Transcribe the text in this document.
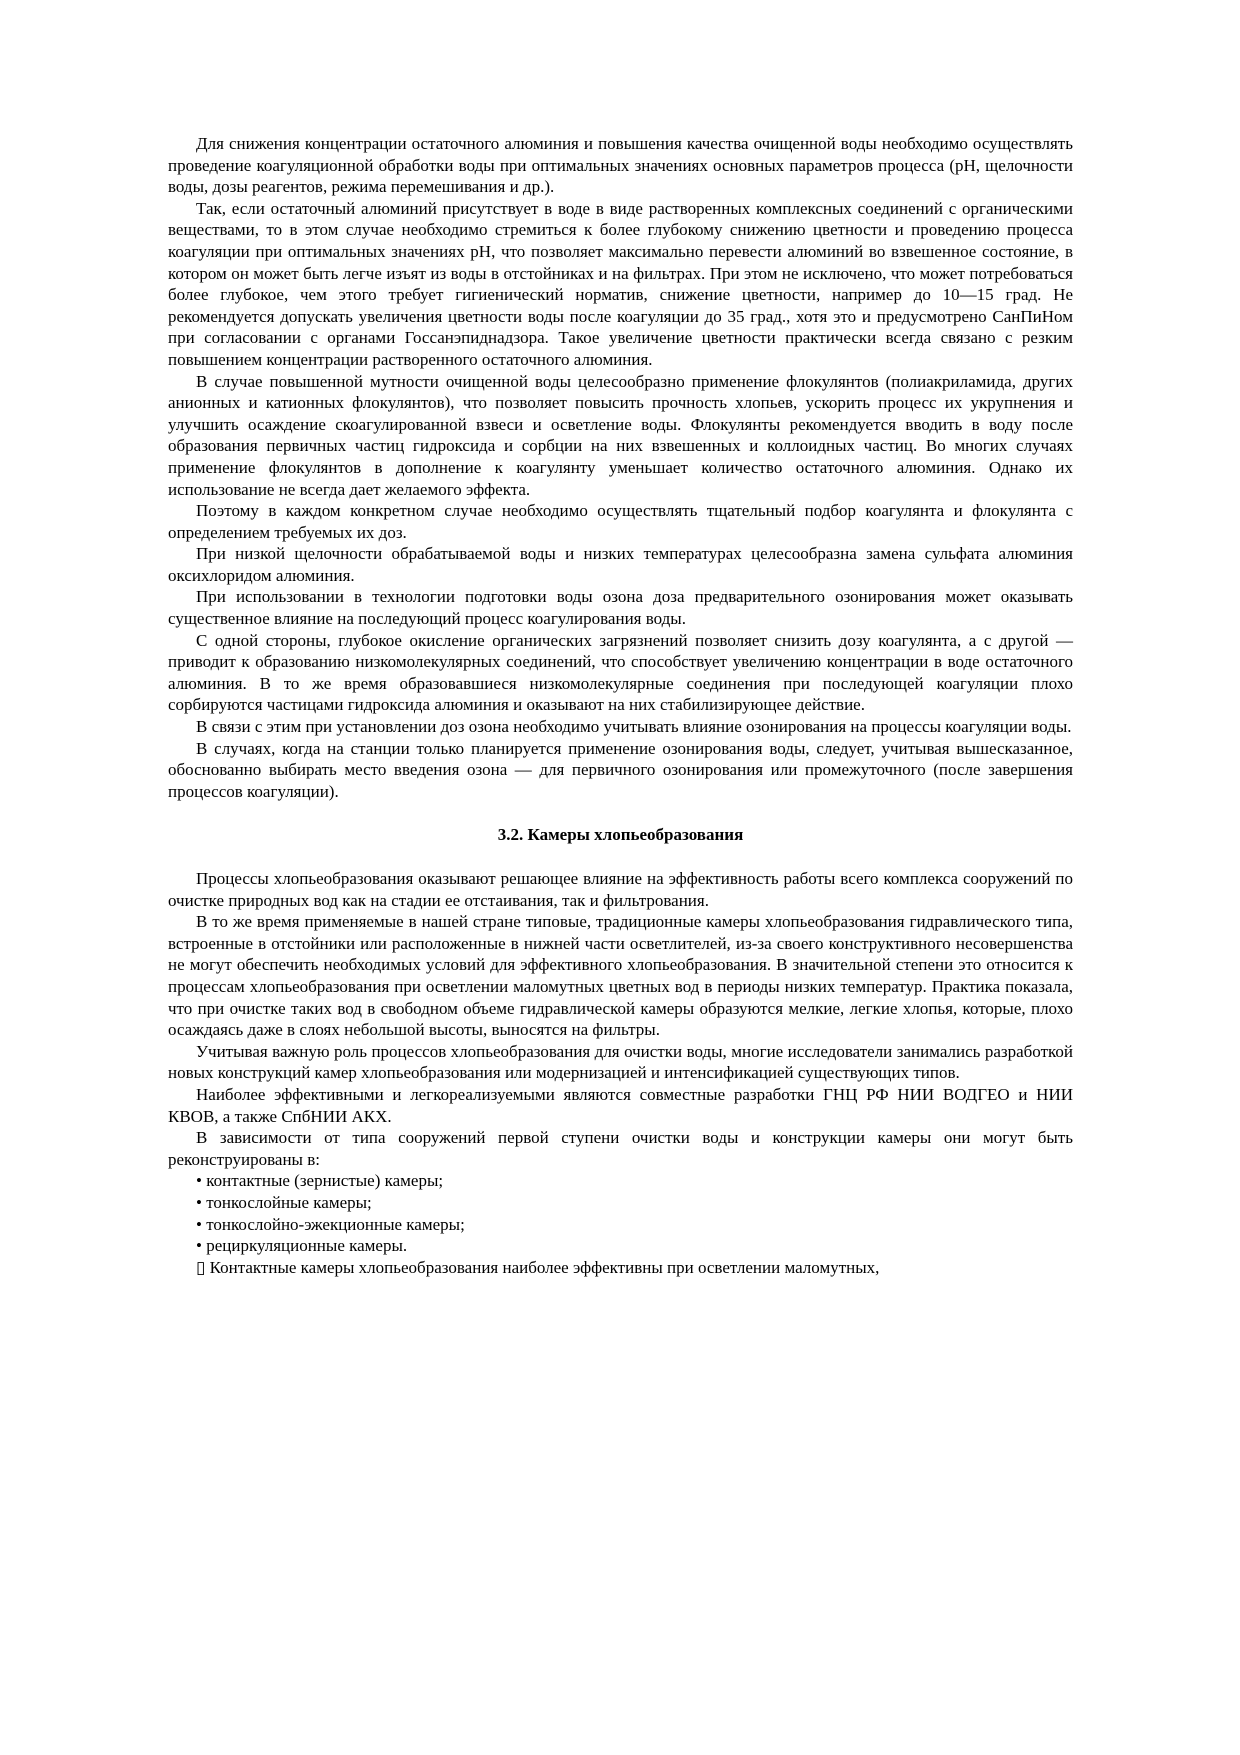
Для снижения концентрации остаточного алюминия и повышения качества очищенной воды необходимо осуществлять проведение коагуляционной обработки воды при оптимальных значениях основных параметров процесса (pH, щелочности воды, дозы реагентов, режима перемешивания и др.).

Так, если остаточный алюминий присутствует в воде в виде растворенных комплексных соединений с органическими веществами, то в этом случае необходимо стремиться к более глубокому снижению цветности и проведению процесса коагуляции при оптимальных значениях pH, что позволяет максимально перевести алюминий во взвешенное состояние, в котором он может быть легче изъят из воды в отстойниках и на фильтрах. При этом не исключено, что может потребоваться более глубокое, чем этого требует гигиенический норматив, снижение цветности, например до 10—15 град. Не рекомендуется допускать увеличения цветности воды после коагуляции до 35 град., хотя это и предусмотрено СанПиНом при согласовании с органами Госсанэпиднадзора. Такое увеличение цветности практически всегда связано с резким повышением концентрации растворенного остаточного алюминия.

В случае повышенной мутности очищенной воды целесообразно применение флокулянтов (полиакриламида, других анионных и катионных флокулянтов), что позволяет повысить прочность хлопьев, ускорить процесс их укрупнения и улучшить осаждение скоагулированной взвеси и осветление воды. Флокулянты рекомендуется вводить в воду после образования первичных частиц гидроксида и сорбции на них взвешенных и коллоидных частиц. Во многих случаях применение флокулянтов в дополнение к коагулянту уменьшает количество остаточного алюминия. Однако их использование не всегда дает желаемого эффекта.

Поэтому в каждом конкретном случае необходимо осуществлять тщательный подбор коагулянта и флокулянта с определением требуемых их доз.

При низкой щелочности обрабатываемой воды и низких температурах целесообразна замена сульфата алюминия оксихлоридом алюминия.

При использовании в технологии подготовки воды озона доза предварительного озонирования может оказывать существенное влияние на последующий процесс коагулирования воды.

С одной стороны, глубокое окисление органических загрязнений позволяет снизить дозу коагулянта, а с другой — приводит к образованию низкомолекулярных соединений, что способствует увеличению концентрации в воде остаточного алюминия. В то же время образовавшиеся низкомолекулярные соединения при последующей коагуляции плохо сорбируются частицами гидроксида алюминия и оказывают на них стабилизирующее действие.

В связи с этим при установлении доз озона необходимо учитывать влияние озонирования на процессы коагуляции воды.

В случаях, когда на станции только планируется применение озонирования воды, следует, учитывая вышесказанное, обоснованно выбирать место введения озона — для первичного озонирования или промежуточного (после завершения процессов коагуляции).

3.2. Камеры хлопьеобразования

Процессы хлопьеобразования оказывают решающее влияние на эффективность работы всего комплекса сооружений по очистке природных вод как на стадии ее отстаивания, так и фильтрования.

В то же время применяемые в нашей стране типовые, традиционные камеры хлопьеобразования гидравлического типа, встроенные в отстойники или расположенные в нижней части осветлителей, из-за своего конструктивного несовершенства не могут обеспечить необходимых условий для эффективного хлопьеобразования. В значительной степени это относится к процессам хлопьеобразования при осветлении маломутных цветных вод в периоды низких температур. Практика показала, что при очистке таких вод в свободном объеме гидравлической камеры образуются мелкие, легкие хлопья, которые, плохо осаждаясь даже в слоях небольшой высоты, выносятся на фильтры.

Учитывая важную роль процессов хлопьеобразования для очистки воды, многие исследователи занимались разработкой новых конструкций камер хлопьеобразования или модернизацией и интенсификацией существующих типов.

Наиболее эффективными и легкореализуемыми являются совместные разработки ГНЦ РФ НИИ ВОДГЕО и НИИ КВОВ, а также СпбНИИ АКХ.

В зависимости от типа сооружений первой ступени очистки воды и конструкции камеры они могут быть реконструированы в:

• контактные (зернистые) камеры;

• тонкослойные камеры;

• тонкослойно-эжекционные камеры;

• рециркуляционные камеры.

▯ Контактные камеры хлопьеобразования наиболее эффективны при осветлении маломутных,
